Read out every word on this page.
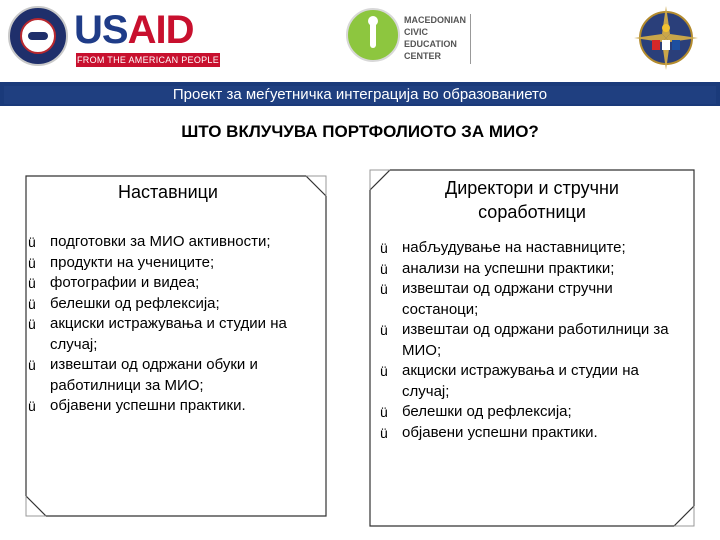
USAID
FROM THE AMERICAN PEOPLE
MACEDONIAN
CIVIC
EDUCATION
CENTER
Проект за меѓуетничка интеграција во образованието
ШТО ВКЛУЧУВА ПОРТФОЛИОТО ЗА МИО?
Наставници
ü подготовки за МИО активности;
ü продукти на учениците;
ü фотографии и видеа;
ü белешки од рефлексија;
ü акциски истражувања и студии на случај;
ü извештаи од одржани обуки и работилници за МИО;
ü објавени успешни практики.
Директори и стручни
соработници
ü набљудување на наставниците;
ü анализи на успешни практики;
ü извештаи од одржани стручни состаноци;
ü извештаи од одржани работилници за МИО;
ü акциски истражувања и студии на случај;
ü белешки од рефлексија;
ü објавени успешни практики.
